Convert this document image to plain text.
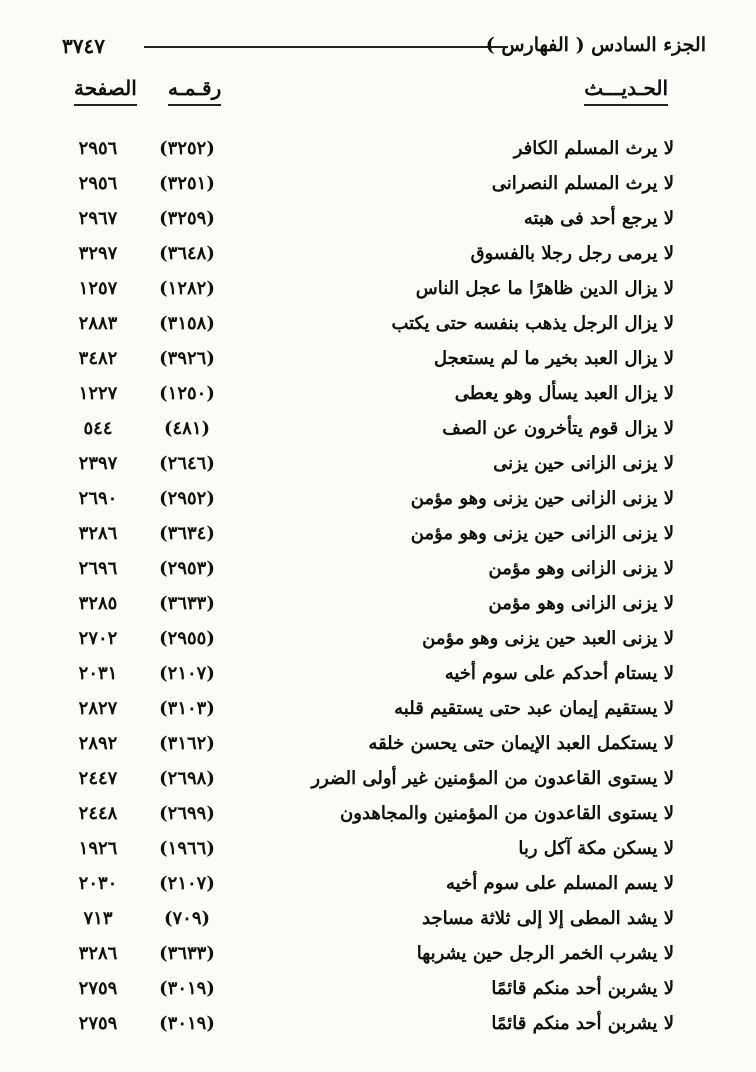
٣٧٤٧	الجزء السادس ( الفهارس )
الحـديـــث
رقـمـه
الصفحة
لا يرث المسلم الكافر
(٣٢٥٢)
٢٩٥٦
لا يرث المسلم النصرانى
(٣٢٥١)
٢٩٥٦
لا يرجع أحد فى هبته
(٣٢٥٩)
٢٩٦٧
لا يرمى رجل رجلا بالفسوق
(٣٦٤٨)
٣٢٩٧
لا يزال الدين ظاهرًا ما عجل الناس
(١٢٨٢)
١٢٥٧
لا يزال الرجل يذهب بنفسه حتى يكتب
(٣١٥٨)
٢٨٨٣
لا يزال العبد بخير ما لم يستعجل
(٣٩٢٦)
٣٤٨٢
لا يزال العبد يسأل وهو يعطى
(١٢٥٠)
١٢٢٧
لا يزال قوم يتأخرون عن الصف
(٤٨١)
٥٤٤
لا يزنى الزانى حين يزنى
(٢٦٤٦)
٢٣٩٧
لا يزنى الزانى حين يزنى وهو مؤمن
(٢٩٥٢)
٢٦٩٠
لا يزنى الزانى حين يزنى وهو مؤمن
(٣٦٣٤)
٣٢٨٦
لا يزنى الزانى وهو مؤمن
(٢٩٥٣)
٢٦٩٦
لا يزنى الزانى وهو مؤمن
(٣٦٣٣)
٣٢٨٥
لا يزنى العبد حين يزنى وهو مؤمن
(٢٩٥٥)
٢٧٠٢
لا يستام أحدكم على سوم أخيه
(٢١٠٧)
٢٠٣١
لا يستقيم إيمان عبد حتى يستقيم قلبه
(٣١٠٣)
٢٨٢٧
لا يستكمل العبد الإيمان حتى يحسن خلقه
(٣١٦٢)
٢٨٩٢
لا يستوى القاعدون من المؤمنين غير أولى الضرر
(٢٦٩٨)
٢٤٤٧
لا يستوى القاعدون من المؤمنين والمجاهدون
(٢٦٩٩)
٢٤٤٨
لا يسكن مكة آكل ربا
(١٩٦٦)
١٩٢٦
لا يسم المسلم على سوم أخيه
(٢١٠٧)
٢٠٣٠
لا يشد المطى إلا إلى ثلاثة مساجد
(٧٠٩)
٧١٣
لا يشرب الخمر الرجل حين يشربها
(٣٦٣٣)
٣٢٨٦
لا يشربن أحد منكم قائمًا
(٣٠١٩)
٢٧٥٩
لا يشربن أحد منكم قائمًا
(٣٠١٩)
٢٧٥٩
